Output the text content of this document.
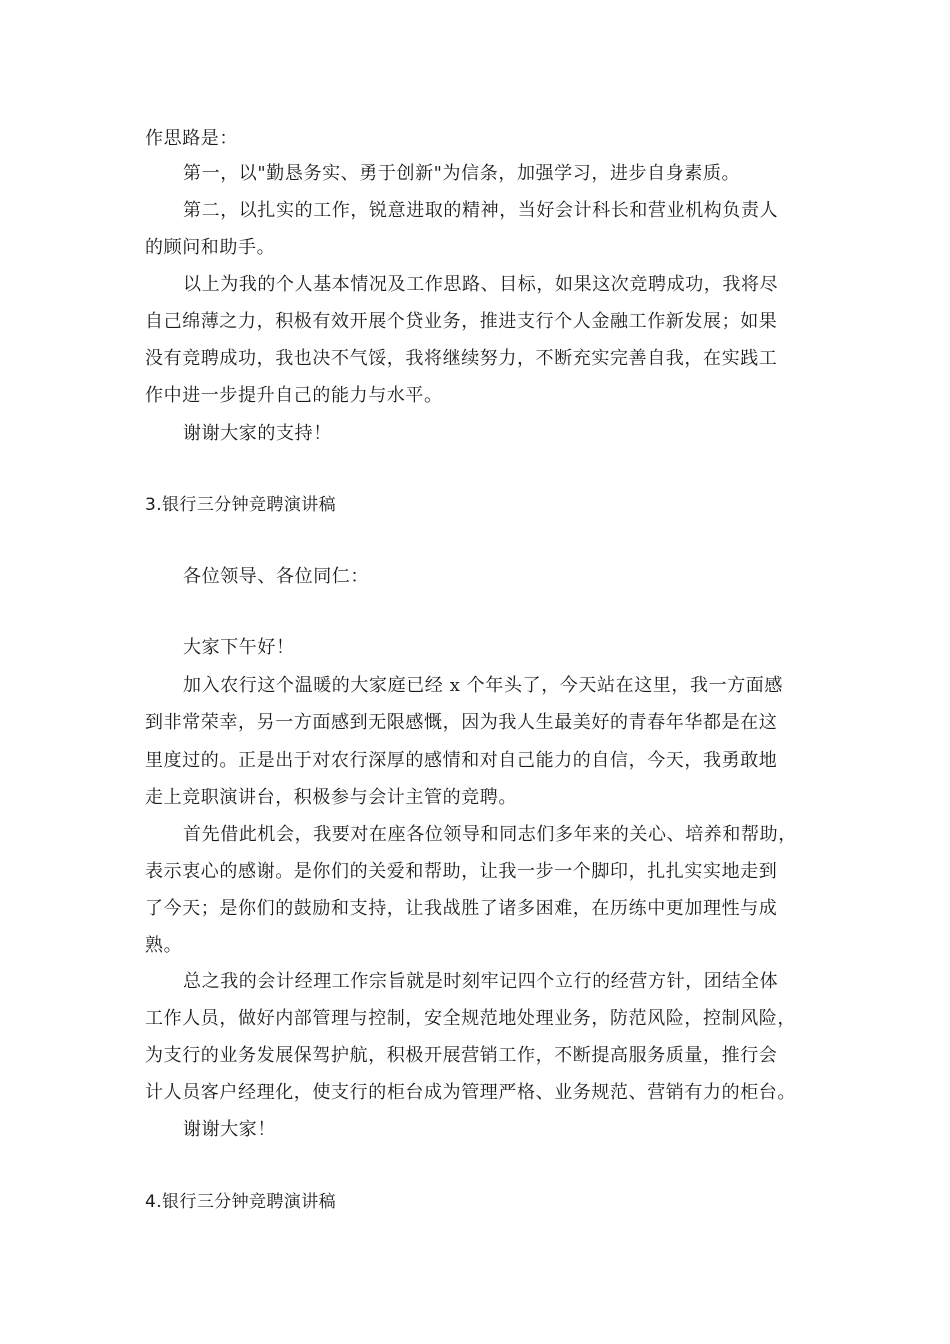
作思路是：
第一，以"勤恳务实、勇于创新"为信条，加强学习，进步自身素质。
第二，以扎实的工作，锐意进取的精神，当好会计科长和营业机构负责人
的顾问和助手。
以上为我的个人基本情况及工作思路、目标，如果这次竞聘成功，我将尽
自己绵薄之力，积极有效开展个贷业务，推进支行个人金融工作新发展；如果
没有竞聘成功，我也决不气馁，我将继续努力，不断充实完善自我，在实践工
作中进一步提升自己的能力与水平。
谢谢大家的支持！
3.银行三分钟竞聘演讲稿
各位领导、各位同仁：
大家下午好！
加入农行这个温暖的大家庭已经 x 个年头了，今天站在这里，我一方面感
到非常荣幸，另一方面感到无限感慨，因为我人生最美好的青春年华都是在这
里度过的。正是出于对农行深厚的感情和对自己能力的自信，今天，我勇敢地
走上竞职演讲台，积极参与会计主管的竞聘。
首先借此机会，我要对在座各位领导和同志们多年来的关心、培养和帮助，
表示衷心的感谢。是你们的关爱和帮助，让我一步一个脚印，扎扎实实地走到
了今天；是你们的鼓励和支持，让我战胜了诸多困难，在历练中更加理性与成
熟。
总之我的会计经理工作宗旨就是时刻牢记四个立行的经营方针，团结全体
工作人员，做好内部管理与控制，安全规范地处理业务，防范风险，控制风险，
为支行的业务发展保驾护航，积极开展营销工作，不断提高服务质量，推行会
计人员客户经理化，使支行的柜台成为管理严格、业务规范、营销有力的柜台。
谢谢大家！
4.银行三分钟竞聘演讲稿
